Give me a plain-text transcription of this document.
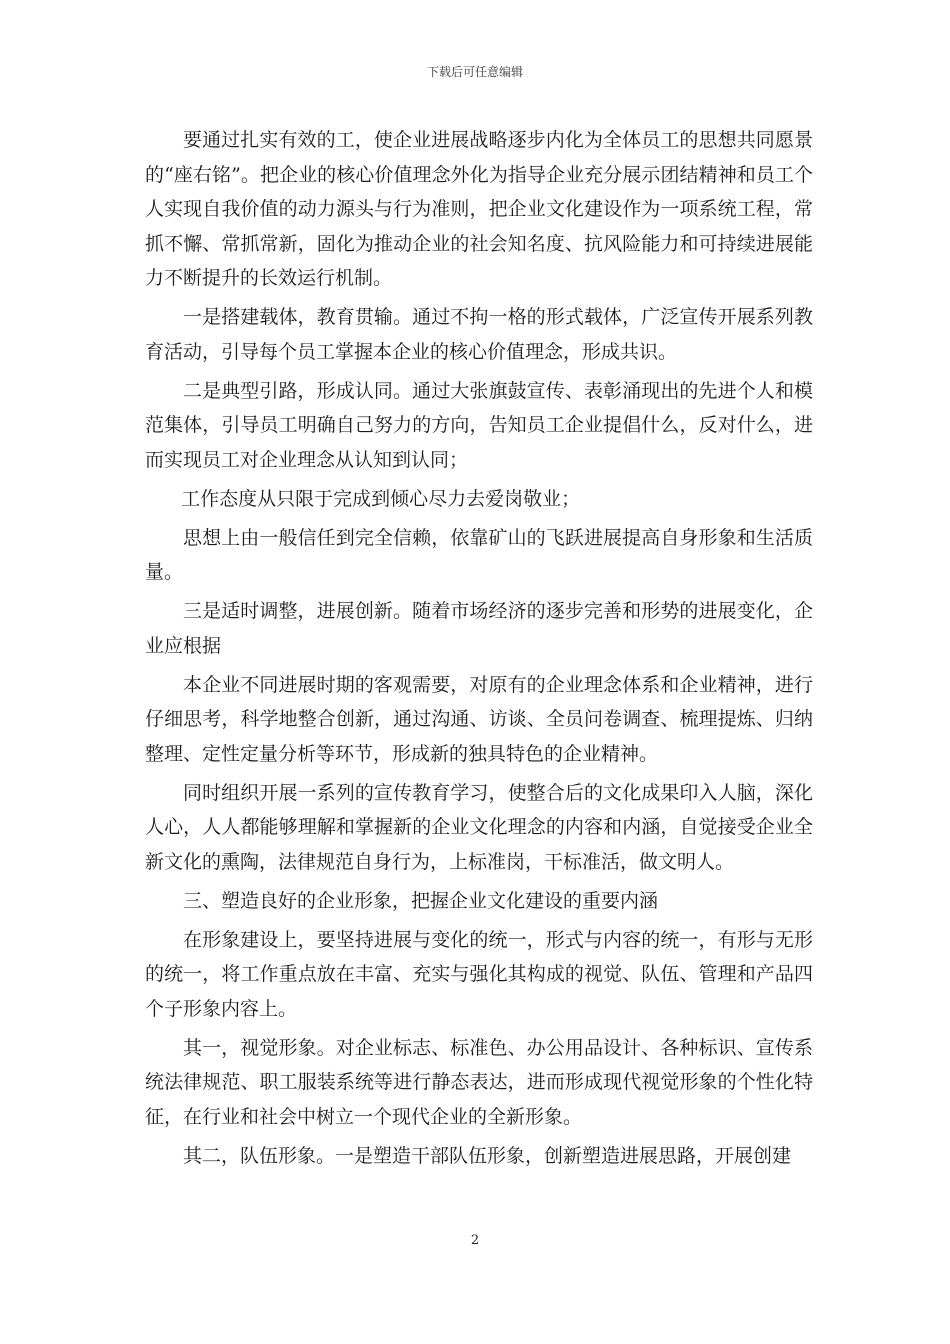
下载后可任意编辑

要通过扎实有效的工，使企业进展战略逐步内化为全体员工的思想共同愿景的“座右铭”。把企业的核心价值理念外化为指导企业充分展示团结精神和员工个人实现自我价值的动力源头与行为准则，把企业文化建设作为一项系统工程，常抓不懈、常抓常新，固化为推动企业的社会知名度、抗风险能力和可持续进展能力不断提升的长效运行机制。

一是搭建载体，教育贯输。通过不拘一格的形式载体，广泛宣传开展系列教育活动，引导每个员工掌握本企业的核心价值理念，形成共识。

二是典型引路，形成认同。通过大张旗鼓宣传、表彰涌现出的先进个人和模范集体，引导员工明确自己努力的方向，告知员工企业提倡什么，反对什么，进而实现员工对企业理念从认知到认同；

工作态度从只限于完成到倾心尽力去爱岗敬业；

思想上由一般信任到完全信赖，依靠矿山的飞跃进展提高自身形象和生活质量。

三是适时调整，进展创新。随着市场经济的逐步完善和形势的进展变化，企业应根据

本企业不同进展时期的客观需要，对原有的企业理念体系和企业精神，进行仔细思考，科学地整合创新，通过沟通、访谈、全员问卷调查、梳理提炼、归纳整理、定性定量分析等环节，形成新的独具特色的企业精神。

同时组织开展一系列的宣传教育学习，使整合后的文化成果印入人脑，深化人心，人人都能够理解和掌握新的企业文化理念的内容和内涵，自觉接受企业全新文化的熏陶，法律规范自身行为，上标准岗，干标准活，做文明人。

三、塑造良好的企业形象，把握企业文化建设的重要内涵

在形象建设上，要坚持进展与变化的统一，形式与内容的统一，有形与无形的统一，将工作重点放在丰富、充实与强化其构成的视觉、队伍、管理和产品四个子形象内容上。

其一，视觉形象。对企业标志、标准色、办公用品设计、各种标识、宣传系统法律规范、职工服装系统等进行静态表达，进而形成现代视觉形象的个性化特征，在行业和社会中树立一个现代企业的全新形象。

其二，队伍形象。一是塑造干部队伍形象，创新塑造进展思路，开展创建

2
